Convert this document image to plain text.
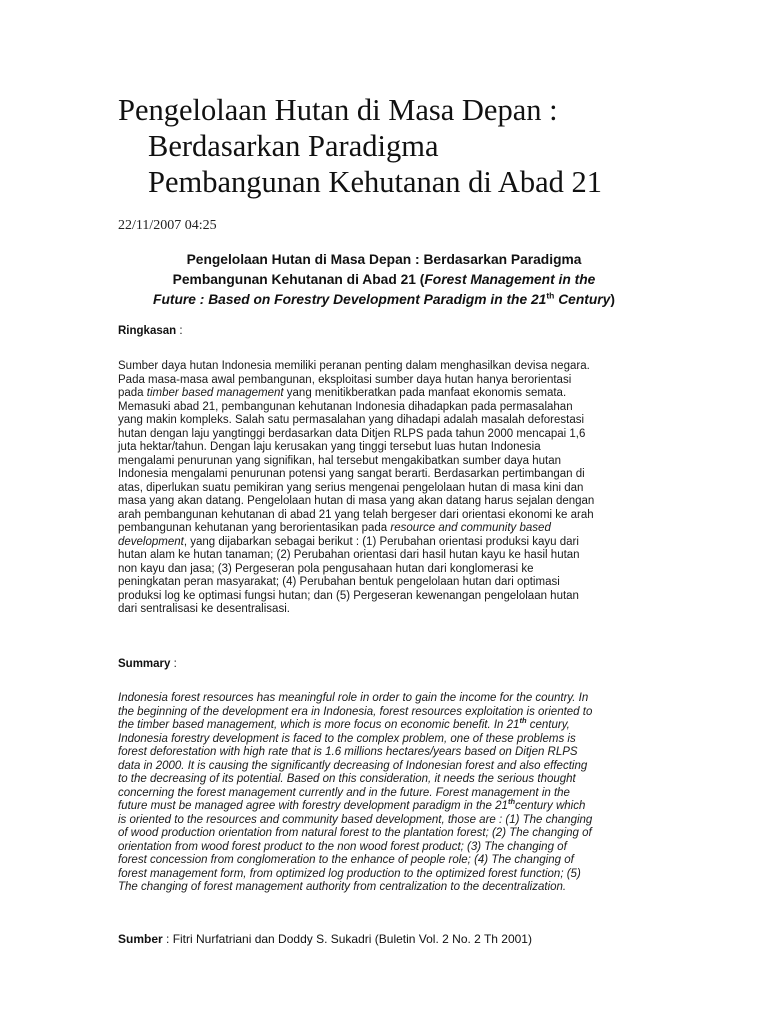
Pengelolaan Hutan di Masa Depan :
Berdasarkan Paradigma
Pembangunan Kehutanan di Abad 21
22/11/2007 04:25
Pengelolaan Hutan di Masa Depan : Berdasarkan Paradigma
Pembangunan Kehutanan di Abad 21 (Forest Management in the
Future : Based on Forestry Development Paradigm in the 21th Century)
Ringkasan :
Sumber daya hutan Indonesia memiliki peranan penting dalam menghasilkan devisa negara.
Pada masa-masa awal pembangunan, eksploitasi sumber daya hutan hanya berorientasi
pada timber based management yang menitikberatkan pada manfaat ekonomis semata.
Memasuki abad 21, pembangunan kehutanan Indonesia dihadapkan pada permasalahan
yang makin kompleks. Salah satu permasalahan yang dihadapi adalah masalah deforestasi
hutan dengan laju yangtinggi berdasarkan data Ditjen RLPS pada tahun 2000 mencapai 1,6
juta hektar/tahun. Dengan laju kerusakan yang tinggi tersebut luas hutan Indonesia
mengalami penurunan yang signifikan, hal tersebut mengakibatkan sumber daya hutan
Indonesia mengalami penurunan potensi yang sangat berarti. Berdasarkan pertimbangan di
atas, diperlukan suatu pemikiran yang serius mengenai pengelolaan hutan di masa kini dan
masa yang akan datang. Pengelolaan hutan di masa yang akan datang harus sejalan dengan
arah pembangunan kehutanan di abad 21 yang telah bergeser dari orientasi ekonomi ke arah
pembangunan kehutanan yang berorientasikan pada resource and community based
development, yang dijabarkan sebagai berikut : (1) Perubahan orientasi produksi kayu dari
hutan alam ke hutan tanaman; (2) Perubahan orientasi dari hasil hutan kayu ke hasil hutan
non kayu dan jasa; (3) Pergeseran pola pengusahaan hutan dari konglomerasi ke
peningkatan peran masyarakat; (4) Perubahan bentuk pengelolaan hutan dari optimasi
produksi log ke optimasi fungsi hutan; dan (5) Pergeseran kewenangan pengelolaan hutan
dari sentralisasi ke desentralisasi.
Summary :
Indonesia forest resources has meaningful role in order to gain the income for the country. In
the beginning of the development era in Indonesia, forest resources exploitation is oriented to
the timber based management, which is more focus on economic benefit. In 21th century,
Indonesia forestry development is faced to the complex problem, one of these problems is
forest deforestation with high rate that is 1.6 millions hectares/years based on Ditjen RLPS
data in 2000. It is causing the significantly decreasing of Indonesian forest and also effecting
to the decreasing of its potential. Based on this consideration, it needs the serious thought
concerning the forest management currently and in the future. Forest management in the
future must be managed agree with forestry development paradigm in the 21thcentury which
is oriented to the resources and community based development, those are : (1) The changing
of wood production orientation from natural forest to the plantation forest; (2) The changing of
orientation from wood forest product to the non wood forest product; (3) The changing of
forest concession from conglomeration to the enhance of people role; (4) The changing of
forest management form, from optimized log production to the optimized forest function; (5)
The changing of forest management authority from centralization to the decentralization.
Sumber : Fitri Nurfatriani dan Doddy S. Sukadri (Buletin Vol. 2 No. 2 Th 2001)
